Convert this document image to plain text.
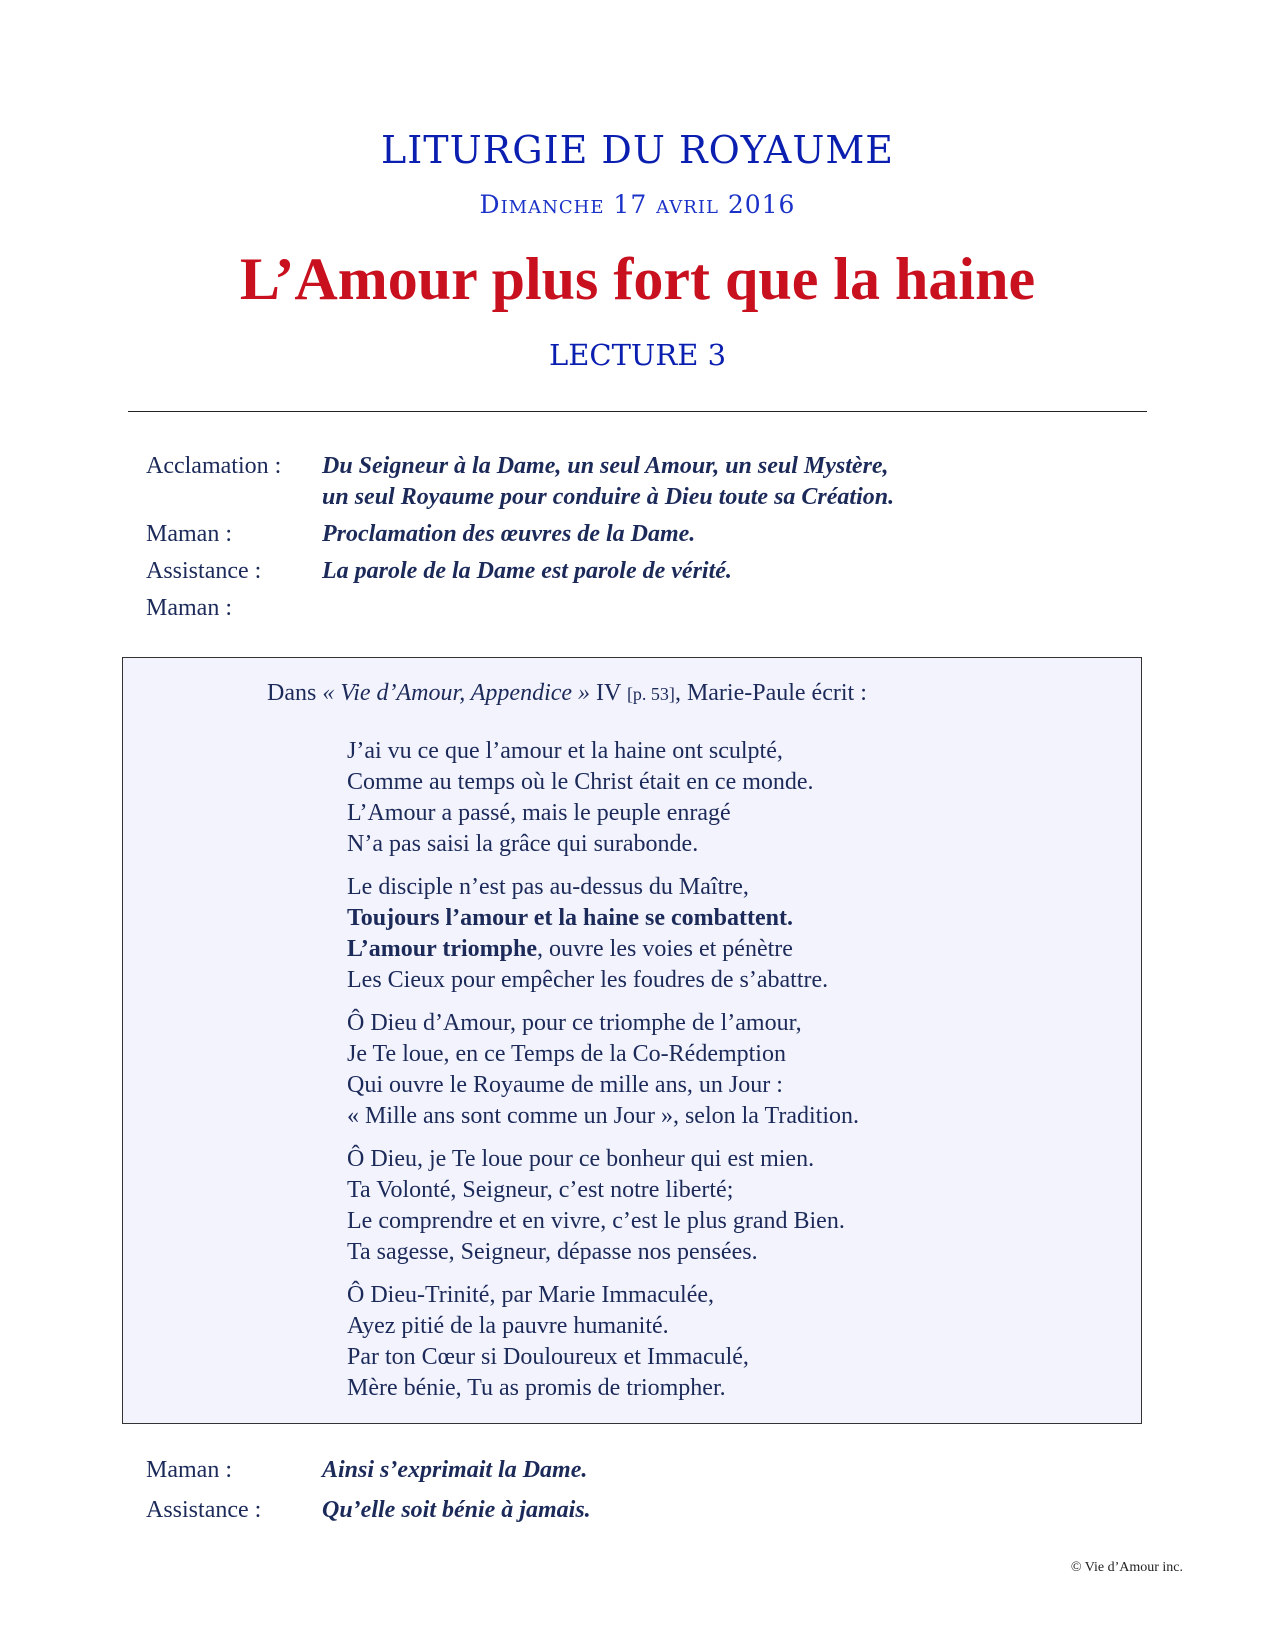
LITURGIE DU ROYAUME
Dimanche 17 avril 2016
L’Amour plus fort que la haine
LECTURE 3
Acclamation :	Du Seigneur à la Dame, un seul Amour, un seul Mystère,
un seul Royaume pour conduire à Dieu toute sa Création.
Maman :	Proclamation des œuvres de la Dame.
Assistance :	La parole de la Dame est parole de vérité.
Maman :
Dans « Vie d’Amour, Appendice » IV [p. 53], Marie-Paule écrit :
J’ai vu ce que l’amour et la haine ont sculpté,
Comme au temps où le Christ était en ce monde.
L’Amour a passé, mais le peuple enragé
N’a pas saisi la grâce qui surabonde.
Le disciple n’est pas au-dessus du Maître,
Toujours l’amour et la haine se combattent.
L’amour triomphe, ouvre les voies et pénètre
Les Cieux pour empêcher les foudres de s’abattre.
Ô Dieu d’Amour, pour ce triomphe de l’amour,
Je Te loue, en ce Temps de la Co-Rédemption
Qui ouvre le Royaume de mille ans, un Jour :
« Mille ans sont comme un Jour », selon la Tradition.
Ô Dieu, je Te loue pour ce bonheur qui est mien.
Ta Volonté, Seigneur, c’est notre liberté;
Le comprendre et en vivre, c’est le plus grand Bien.
Ta sagesse, Seigneur, dépasse nos pensées.
Ô Dieu-Trinité, par Marie Immaculée,
Ayez pitié de la pauvre humanité.
Par ton Cœur si Douloureux et Immaculé,
Mère bénie, Tu as promis de triompher.
Maman :	Ainsi s’exprimait la Dame.
Assistance :	Qu’elle soit bénie à jamais.
© Vie d’Amour inc.
